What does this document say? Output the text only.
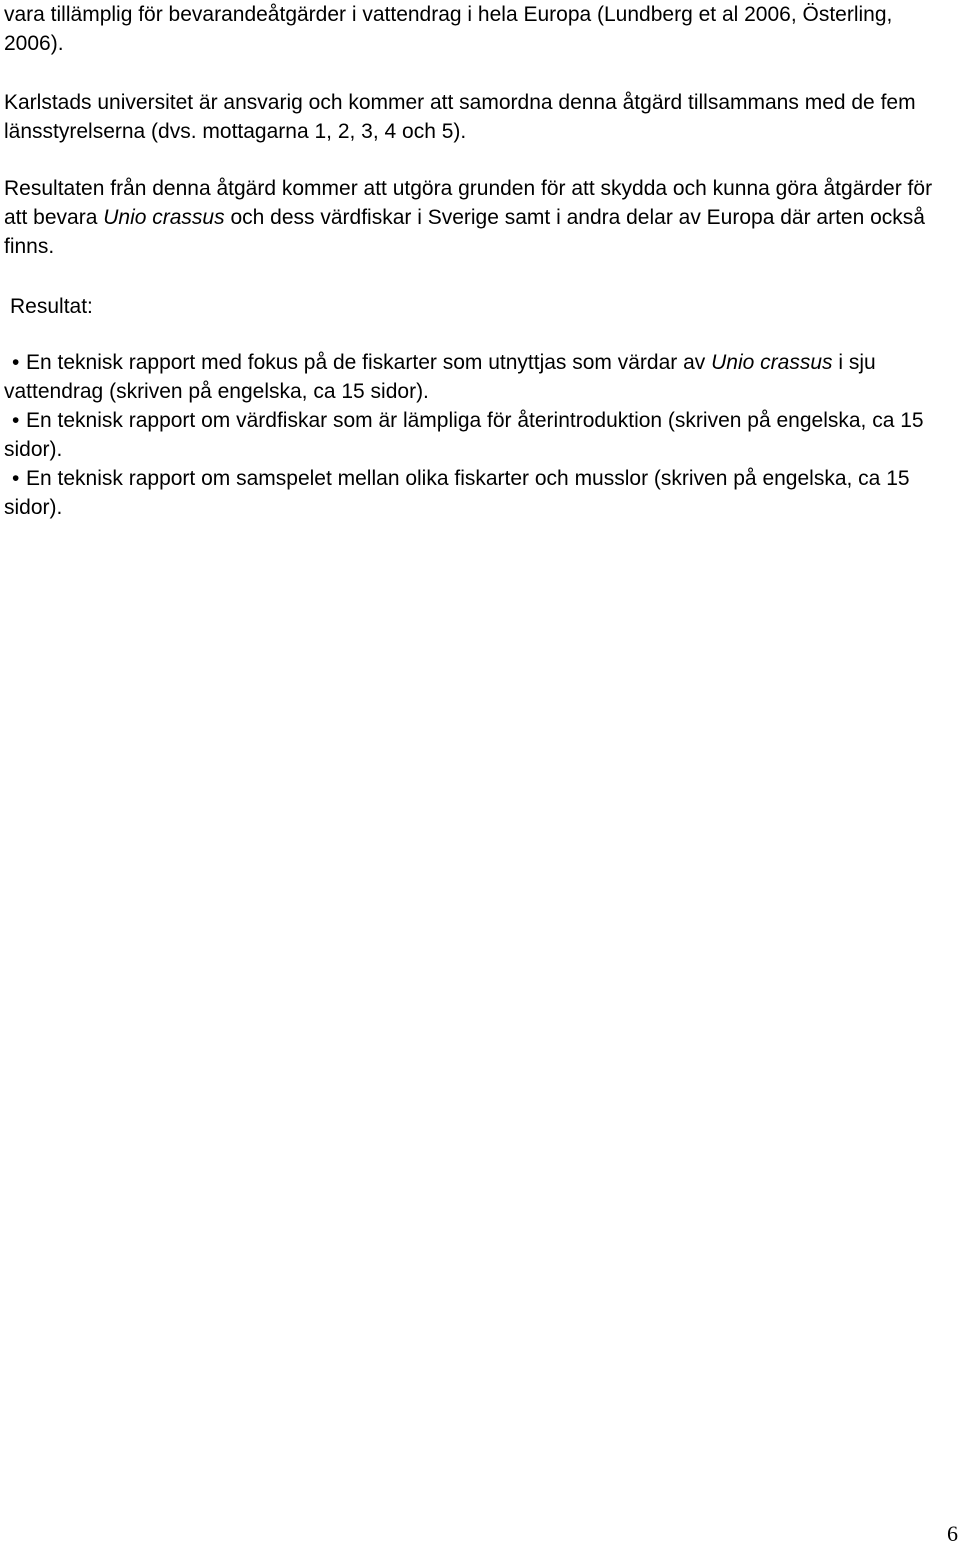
vara tillämplig för bevarandeåtgärder i vattendrag i hela Europa (Lundberg et al 2006, Österling, 2006).

Karlstads universitet är ansvarig och kommer att samordna denna åtgärd tillsammans med de fem länsstyrelserna (dvs. mottagarna 1, 2, 3, 4 och 5).

Resultaten från denna åtgärd kommer att utgöra grunden för att skydda och kunna göra åtgärder för att bevara Unio crassus och dess värdfiskar i Sverige samt i andra delar av Europa där arten också finns.

Resultat:
• En teknisk rapport med fokus på de fiskarter som utnyttjas som värdar av Unio crassus i sju vattendrag (skriven på engelska, ca 15 sidor).
• En teknisk rapport om värdfiskar som är lämpliga för återintroduktion (skriven på engelska, ca 15 sidor).
• En teknisk rapport om samspelet mellan olika fiskarter och musslor (skriven på engelska, ca 15 sidor).
6
